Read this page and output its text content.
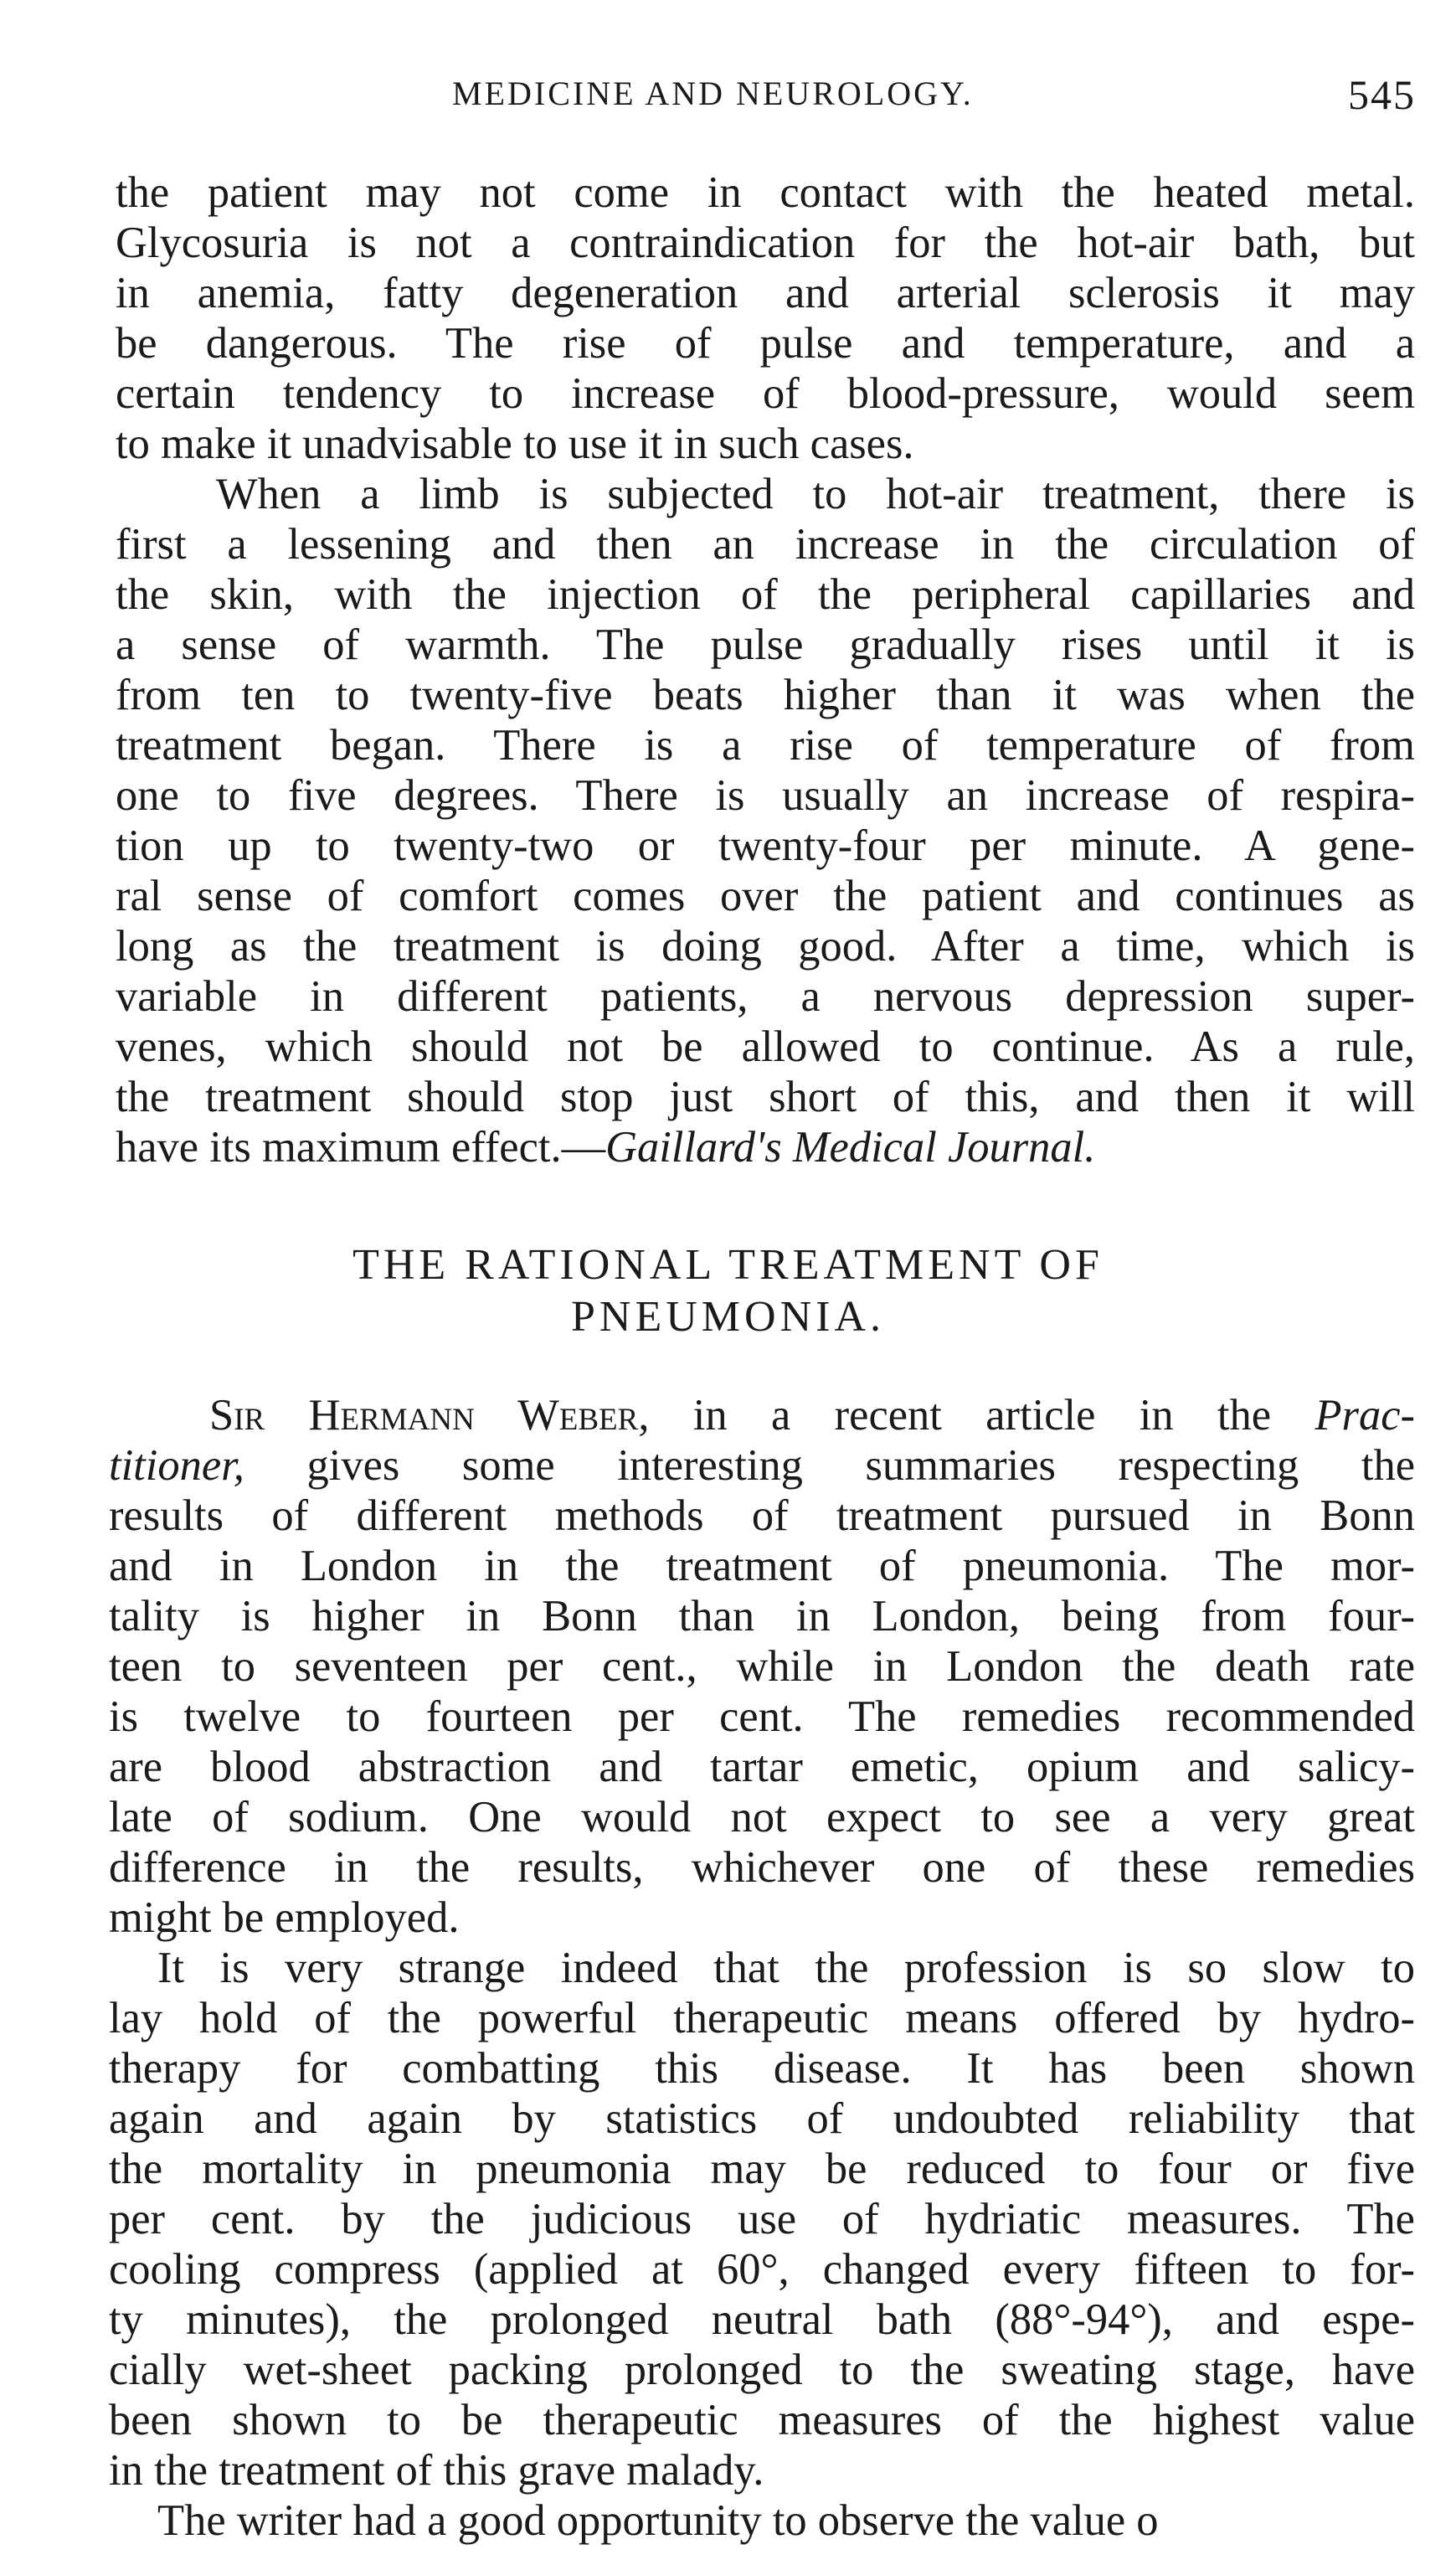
MEDICINE AND NEUROLOGY.	545
the patient may not come in contact with the heated metal.
Glycosuria is not a contraindication for the hot-air bath, but
in anemia, fatty degeneration and arterial sclerosis it may
be dangerous. The rise of pulse and temperature, and a
certain tendency to increase of blood-pressure, would seem
to make it unadvisable to use it in such cases.
When a limb is subjected to hot-air treatment, there is
first a lessening and then an increase in the circulation of
the skin, with the injection of the peripheral capillaries and
a sense of warmth. The pulse gradually rises until it is
from ten to twenty-five beats higher than it was when the
treatment began. There is a rise of temperature of from
one to five degrees. There is usually an increase of respira-
tion up to twenty-two or twenty-four per minute. A gene-
ral sense of comfort comes over the patient and continues as
long as the treatment is doing good. After a time, which is
variable in different patients, a nervous depression super-
venes, which should not be allowed to continue. As a rule,
the treatment should stop just short of this, and then it will
have its maximum effect.—Gaillard's Medical Journal.
THE RATIONAL TREATMENT OF
PNEUMONIA.
Sir Hermann Weber, in a recent article in the Prac-
titioner, gives some interesting summaries respecting the
results of different methods of treatment pursued in Bonn
and in London in the treatment of pneumonia. The mor-
tality is higher in Bonn than in London, being from four-
teen to seventeen per cent., while in London the death rate
is twelve to fourteen per cent. The remedies recommended
are blood abstraction and tartar emetic, opium and salicy-
late of sodium. One would not expect to see a very great
difference in the results, whichever one of these remedies
might be employed.
It is very strange indeed that the profession is so slow to
lay hold of the powerful therapeutic means offered by hydro-
therapy for combatting this disease. It has been shown
again and again by statistics of undoubted reliability that
the mortality in pneumonia may be reduced to four or five
per cent. by the judicious use of hydriatic measures. The
cooling compress (applied at 60°, changed every fifteen to for-
ty minutes), the prolonged neutral bath (88°-94°), and espe-
cially wet-sheet packing prolonged to the sweating stage, have
been shown to be therapeutic measures of the highest value
in the treatment of this grave malady.
The writer had a good opportunity to observe the value o
